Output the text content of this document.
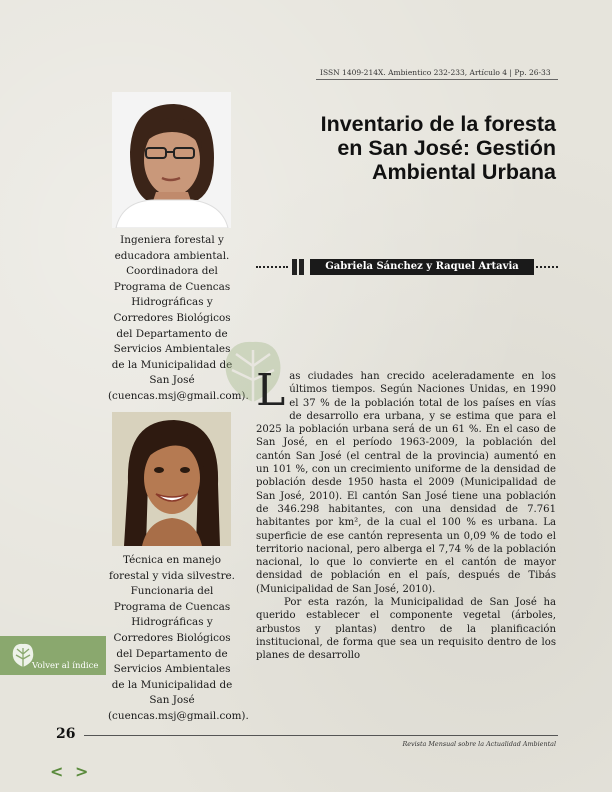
ISSN 1409-214X. Ambientico 232-233, Artículo 4 | Pp. 26-33
Ingeniera forestal y educadora ambiental. Coordinadora del Programa de Cuencas Hidrográficas y Corredores Biológicos del Departamento de Servicios Ambientales de la Municipalidad de San José (cuencas.msj@gmail.com).
Técnica en manejo forestal y vida silvestre. Funcionaria del Programa de Cuencas Hidrográficas y Corredores Biológicos del Departamento de Servicios Ambientales de la Municipalidad de San José (cuencas.msj@gmail.com).
Inventario de la foresta
en San José: Gestión
Ambiental Urbana
Gabriela Sánchez y Raquel Artavia

Las ciudades han crecido aceleradamente en los últimos tiempos. Según Naciones Unidas, en 1990 el 37 % de la población total de los países en vías de desarrollo era urbana, y se estima que para el 2025 la población urbana será de un 61 %. En el caso de San José, en el período 1963-2009, la población del cantón San José (el central de la provincia) aumentó en un 101 %, con un crecimiento uniforme de la densidad de población desde 1950 hasta el 2009 (Municipalidad de San José, 2010). El cantón San José tiene una población de 346.298 habitantes, con una densidad de 7.761 habitantes por km², de la cual el 100 % es urbana. La superficie de ese cantón representa un 0,09 % de todo el territorio nacional, pero alberga el 7,74 % de la población nacional, lo que lo convierte en el cantón de mayor densidad de población en el país, después de Tibás (Municipalidad de San José, 2010).

Por esta razón, la Municipalidad de San José ha querido establecer el componente vegetal (árboles, arbustos y plantas) dentro de la planificación institucional, de forma que sea un requisito dentro de los planes de desarrollo

Volver al índice
26
Revista Mensual sobre la Actualidad Ambiental
< >
